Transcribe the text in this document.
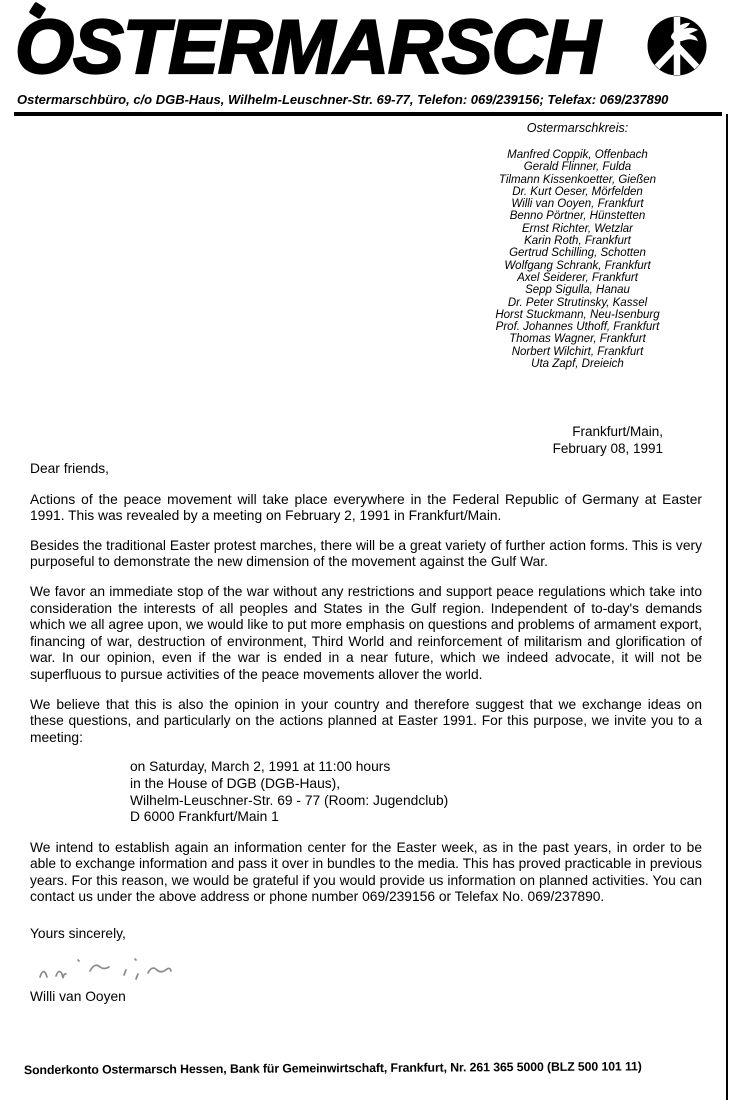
OSTERMARSCH
Ostermarschbüro, c/o DGB-Haus, Wilhelm-Leuschner-Str. 69-77, Telefon: 069/239156; Telefax: 069/237890
Ostermarschkreis:
Manfred Coppik, Offenbach
Gerald Flinner, Fulda
Tilmann Kissenkoetter, Gießen
Dr. Kurt Oeser, Mörfelden
Willi van Ooyen, Frankfurt
Benno Pörtner, Hünstetten
Ernst Richter, Wetzlar
Karin Roth, Frankfurt
Gertrud Schilling, Schotten
Wolfgang Schrank, Frankfurt
Axel Seiderer, Frankfurt
Sepp Sigulla, Hanau
Dr. Peter Strutinsky, Kassel
Horst Stuckmann, Neu-Isenburg
Prof. Johannes Uthoff, Frankfurt
Thomas Wagner, Frankfurt
Norbert Wilchirt, Frankfurt
Uta Zapf, Dreieich
Frankfurt/Main,
February 08, 1991

Dear friends,

Actions of the peace movement will take place everywhere in the Federal Republic of Germany at Easter 1991. This was revealed by a meeting on February 2, 1991 in Frankfurt/Main.

Besides the traditional Easter protest marches, there will be a great variety of further action forms. This is very purposeful to demonstrate the new dimension of the movement against the Gulf War.

We favor an immediate stop of the war without any restrictions and support peace regulations which take into consideration the interests of all peoples and States in the Gulf region. Independent of to-day's demands which we all agree upon, we would like to put more emphasis on questions and problems of armament export, financing of war, destruction of environment, Third World and reinforcement of militarism and glorification of war. In our opinion, even if the war is ended in a near future, which we indeed advocate, it will not be superfluous to pursue activities of the peace movements allover the world.

We believe that this is also the opinion in your country and therefore suggest that we exchange ideas on these questions, and particularly on the actions planned at Easter 1991. For this purpose, we invite you to a meeting:

on Saturday, March 2, 1991 at 11:00 hours
in the House of DGB (DGB-Haus),
Wilhelm-Leuschner-Str. 69 - 77 (Room: Jugendclub)
D 6000 Frankfurt/Main 1

We intend to establish again an information center for the Easter week, as in the past years, in order to be able to exchange information and pass it over in bundles to the media. This has proved practicable in previous years. For this reason, we would be grateful if you would provide us information on planned activities. You can contact us under the above address or phone number 069/239156 or Telefax No. 069/237890.

Yours sincerely,

Willi van Ooyen

Sonderkonto Ostermarsch Hessen, Bank für Gemeinwirtschaft, Frankfurt, Nr. 261 365 5000 (BLZ 500 101 11)
